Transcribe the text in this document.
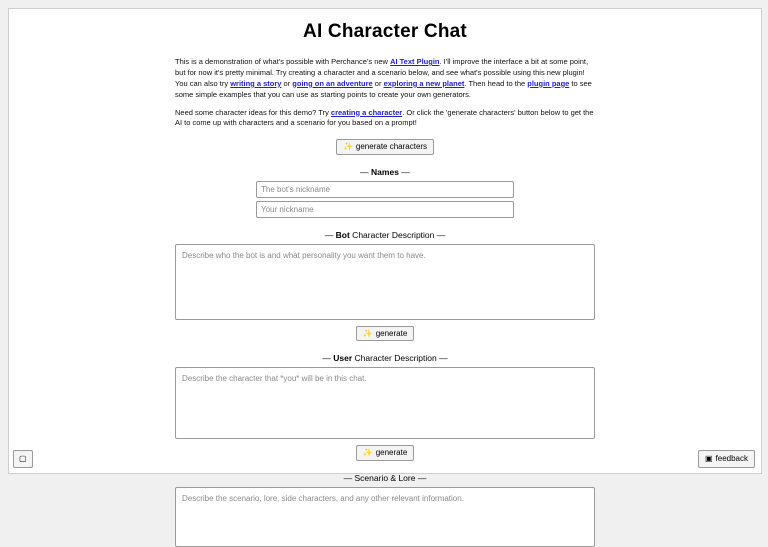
AI Character Chat

This is a demonstration of what's possible with Perchance's new AI Text Plugin. I'll improve the interface a bit at some point, but for now it's pretty minimal. Try creating a character and a scenario below, and see what's possible using this new plugin! You can also try writing a story or going on an adventure or exploring a new planet. Then head to the plugin page to see some simple examples that you can use as starting points to create your own generators.

Need some character ideas for this demo? Try creating a character. Or click the 'generate characters' button below to get the AI to come up with characters and a scenario for you based on a prompt!

✨ generate characters
— Names —
The bot's nickname
Your nickname
— Bot Character Description —
Describe who the bot is and what personality you want them to have.
✨ generate
— User Character Description —
Describe the character that *you* will be in this chat.
✨ generate
— Scenario & Lore —
Describe the scenario, lore, side characters, and any other relevant information.
▢	▣ feedback
